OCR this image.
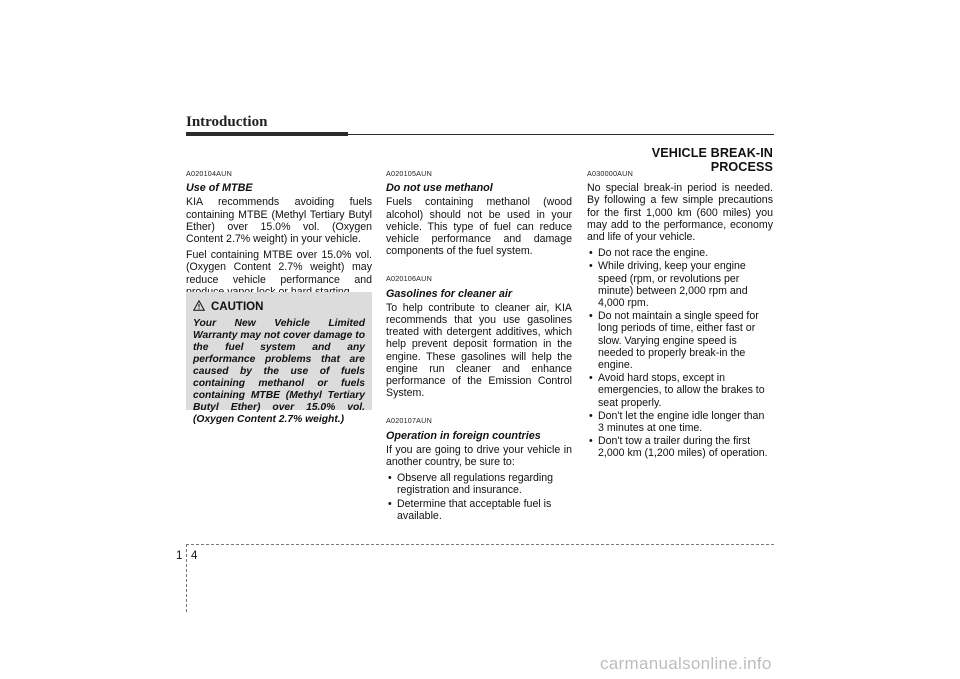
Introduction
VEHICLE BREAK-IN PROCESS
A020104AUN
Use of MTBE

KIA recommends avoiding fuels containing MTBE (Methyl Tertiary Butyl Ether) over 15.0% vol. (Oxygen Content 2.7% weight) in your vehicle.

Fuel containing MTBE over 15.0% vol. (Oxygen Content 2.7% weight) may reduce vehicle performance and

CAUTION
Your New Vehicle Limited Warranty may not cover damage to the fuel system and any performance problems that are caused by the use of fuels containing methanol or fuels containing MTBE (Methyl Tertiary Butyl Ether) over 15.0% vol. (Oxygen Content 2.7% weight.)
A020105AUN
Do not use methanol

Fuels containing methanol (wood alcohol) should not be used in your vehicle. This type of fuel can reduce vehicle performance and damage components of the fuel system.

A020106AUN
Gasolines for cleaner air

To help contribute to cleaner air, KIA recommends that you use gasolines treated with detergent additives, which help prevent deposit formation in the engine. These gasolines will help the engine run cleaner and enhance performance of the Emission Control System.

A020107AUN
Operation in foreign countries

If you are going to drive your vehicle in another country, be sure to:

• Observe all regulations regarding registration and insurance.
• Determine that acceptable fuel is available.
A030000AUN

No special break-in period is needed. By following a few simple precautions for the first 1,000 km (600 miles) you may add to the performance, economy and life of your vehicle.

• Do not race the engine.
• While driving, keep your engine speed (rpm, or revolutions per minute) between 2,000 rpm and 4,000 rpm.
• Do not maintain a single speed for long periods of time, either fast or slow. Varying engine speed is needed to properly break-in the engine.
• Avoid hard stops, except in emergencies, to allow the brakes to seat properly.
• Don't let the engine idle longer than 3 minutes at one time.
• Don't tow a trailer during the first 2,000 km (1,200 miles) of operation.
1 4
carmanualsonline.info
